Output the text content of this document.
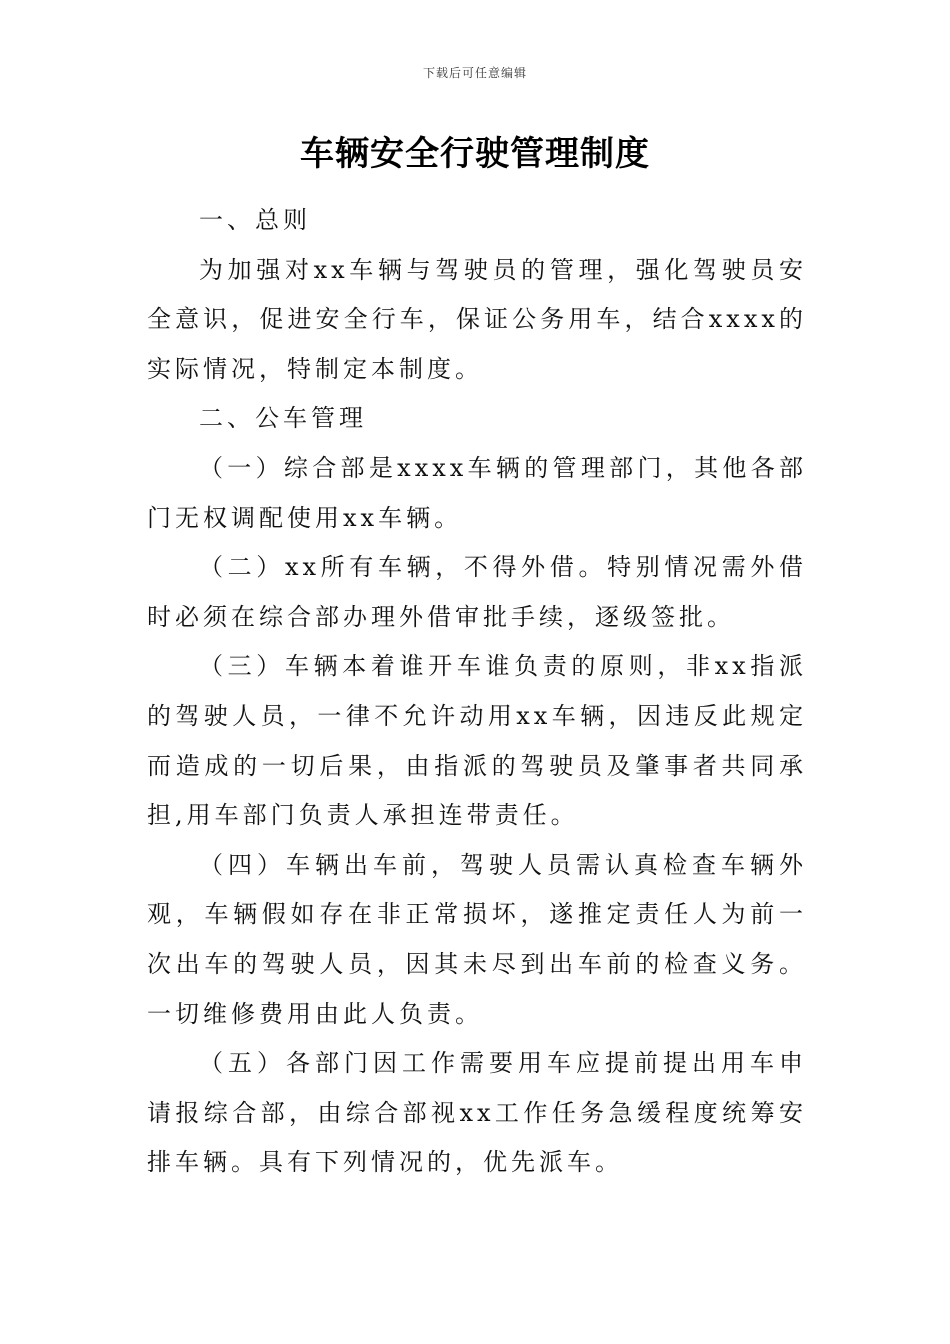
下载后可任意编辑
车辆安全行驶管理制度

一、总则

为加强对xx车辆与驾驶员的管理，强化驾驶员安全意识，促进安全行车，保证公务用车，结合xxxx的实际情况，特制定本制度。

二、公车管理

（一）综合部是xxxx车辆的管理部门，其他各部门无权调配使用xx车辆。

（二）xx所有车辆，不得外借。特别情况需外借时必须在综合部办理外借审批手续，逐级签批。

（三）车辆本着谁开车谁负责的原则，非xx指派的驾驶人员，一律不允许动用xx车辆，因违反此规定而造成的一切后果，由指派的驾驶员及肇事者共同承担,用车部门负责人承担连带责任。

（四）车辆出车前，驾驶人员需认真检查车辆外观，车辆假如存在非正常损坏，遂推定责任人为前一次出车的驾驶人员，因其未尽到出车前的检查义务。一切维修费用由此人负责。

（五）各部门因工作需要用车应提前提出用车申请报综合部，由综合部视xx工作任务急缓程度统筹安排车辆。具有下列情况的，优先派车。
